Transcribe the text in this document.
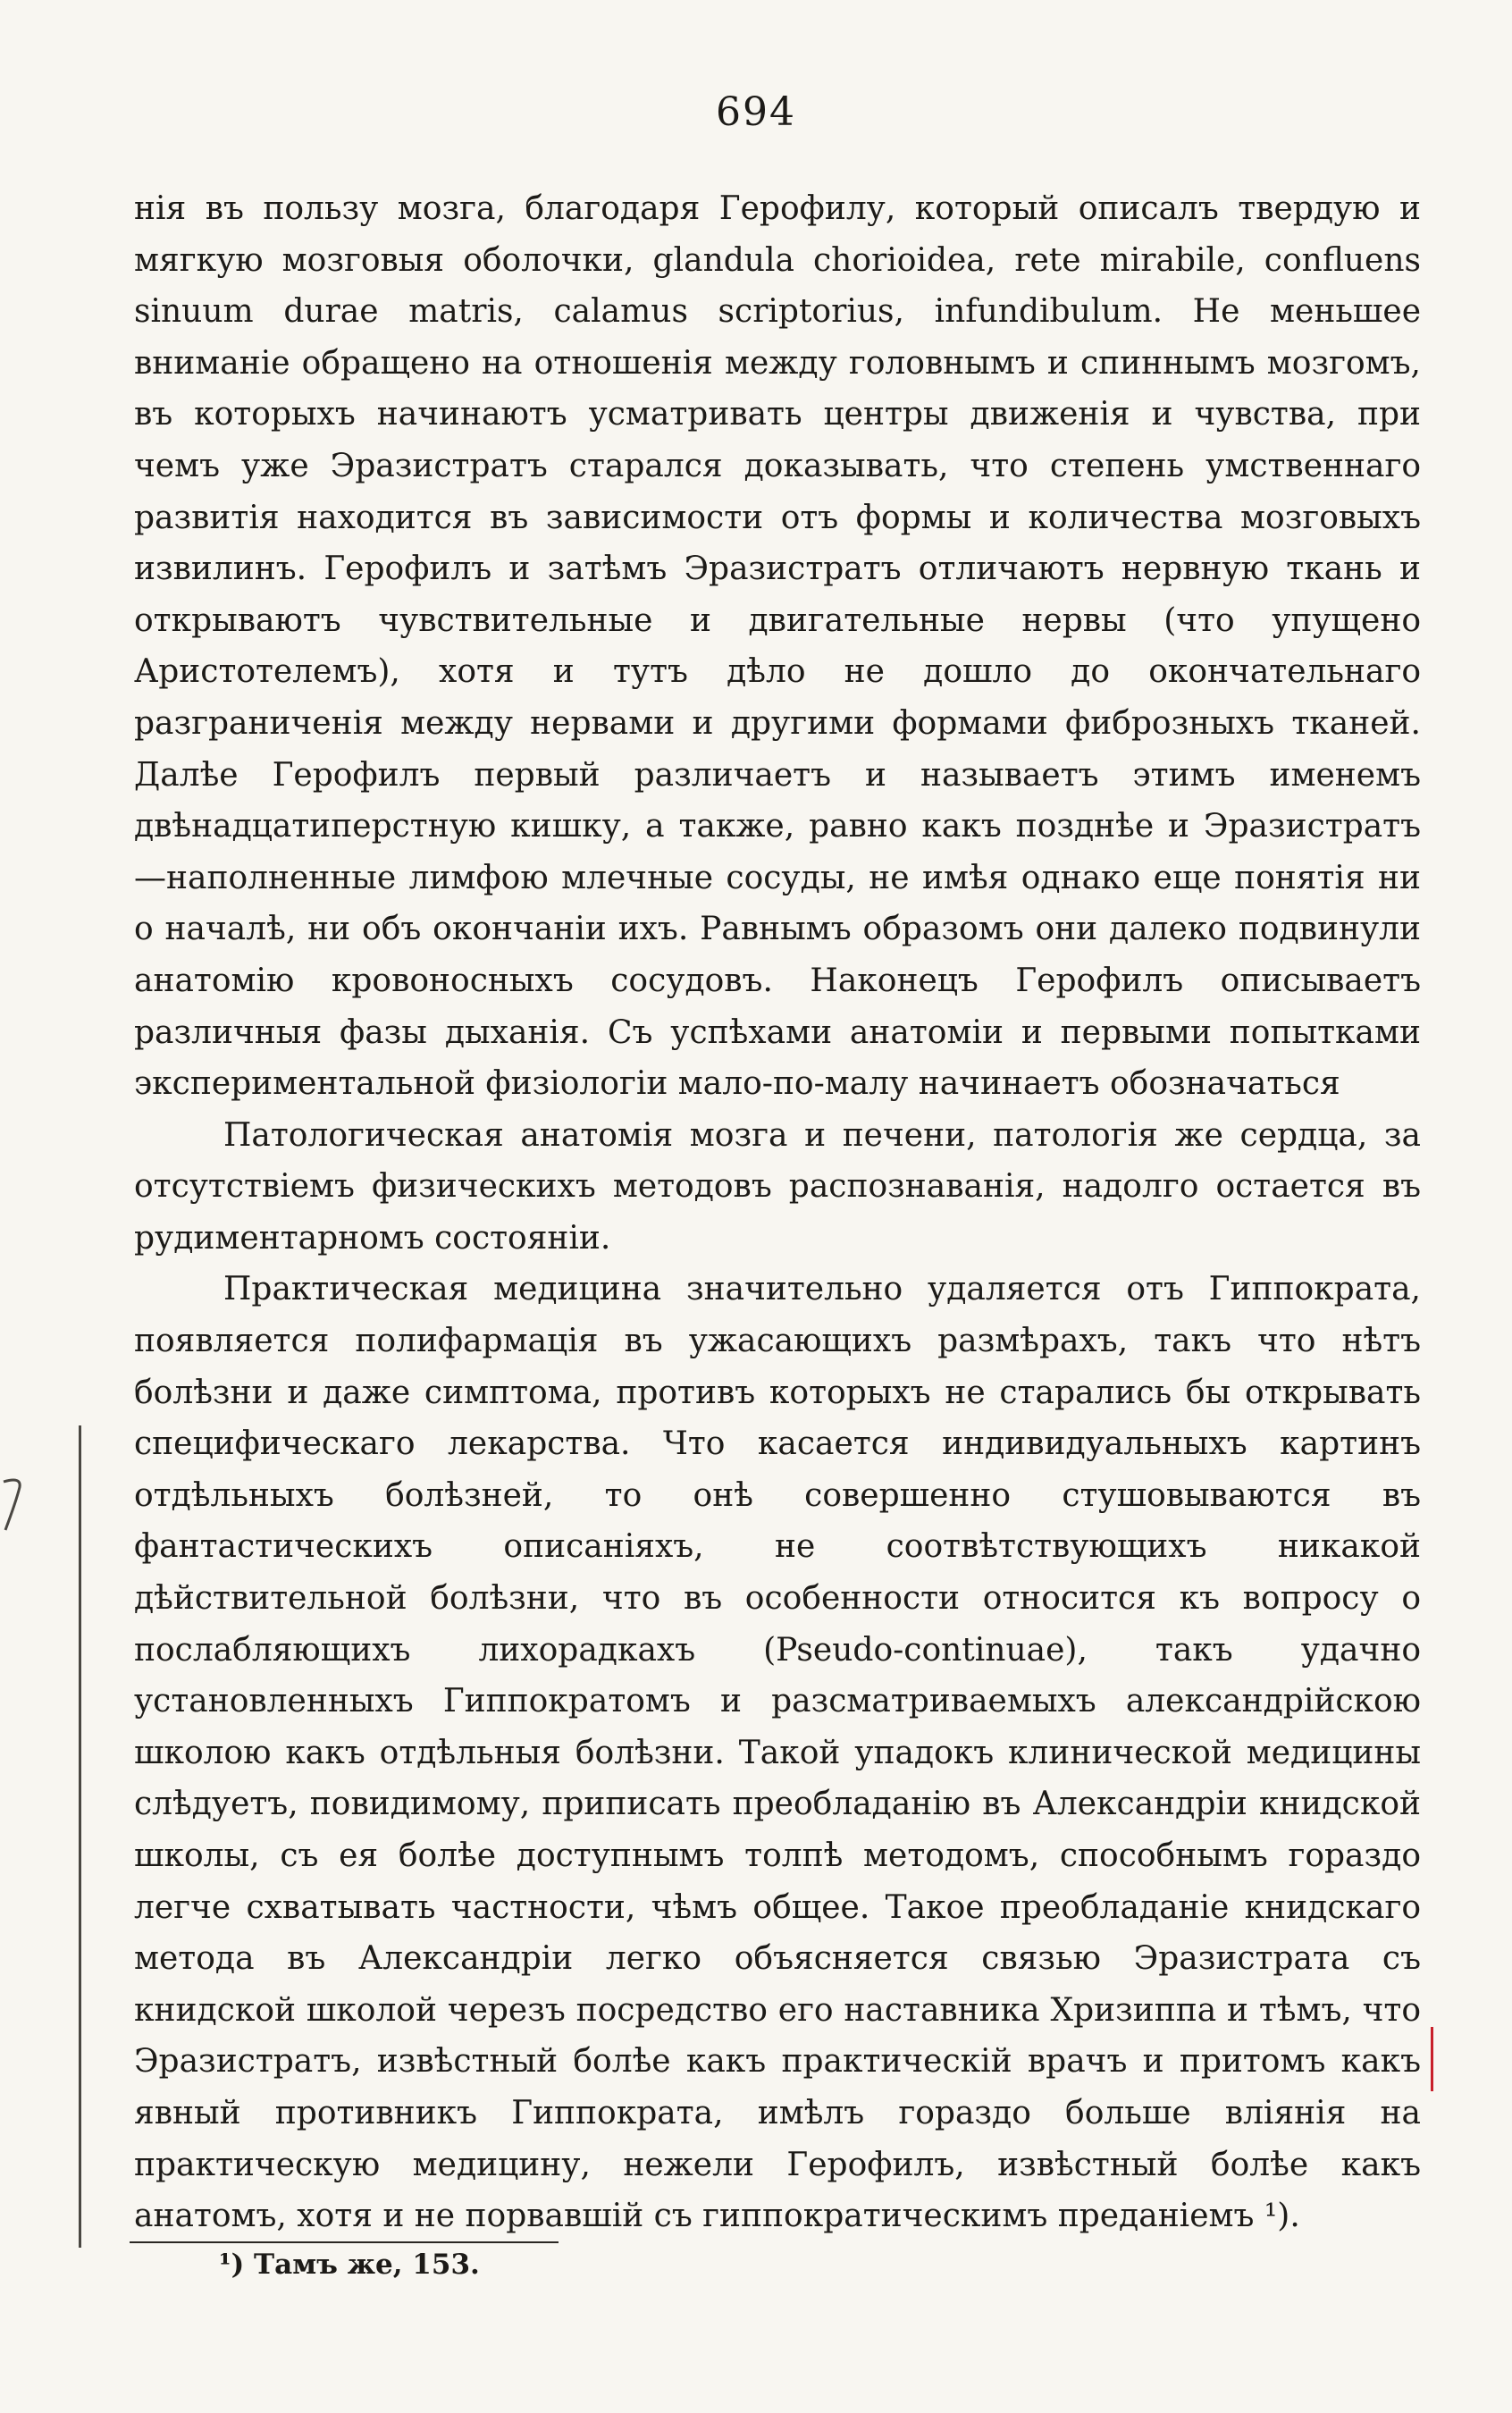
694

нія въ пользу мозга, благодаря Герофилу, который описалъ твердую и мягкую мозговыя оболочки, glandula chorioidea, rete mirabile, confluens sinuum durae matris, calamus scriptorius, infundibulum. Не меньшее вниманіе обращено на отношенія между головнымъ и спиннымъ мозгомъ, въ которыхъ начинаютъ усматривать центры движенія и чувства, при чемъ уже Эразистратъ старался доказывать, что степень умственнаго развитія находится въ зависимости отъ формы и количества мозговыхъ извилинъ. Герофилъ и затѣмъ Эразистратъ отличаютъ нервную ткань и открываютъ чувствительные и двигательные нервы (что упущено Аристотелемъ), хотя и тутъ дѣло не дошло до окончательнаго разграниченія между нервами и другими формами фиброзныхъ тканей. Далѣе Герофилъ первый различаетъ и называетъ этимъ именемъ двѣнадцатиперстную кишку, а также, равно какъ позднѣе и Эразистратъ—наполненные лимфою млечные сосуды, не имѣя однако еще понятія ни о началѣ, ни объ окончаніи ихъ. Равнымъ образомъ они далеко подвинули анатомію кровоносныхъ сосудовъ. Наконецъ Герофилъ описываетъ различныя фазы дыханія. Съ успѣхами анатоміи и первыми попытками экспериментальной физіологіи мало-по-малу начинаетъ обозначаться

Патологическая анатомія мозга и печени, патологія же сердца, за отсутствіемъ физическихъ методовъ распознаванія, надолго остается въ рудиментарномъ состояніи.

Практическая медицина значительно удаляется отъ Гиппократа, появляется полифармація въ ужасающихъ размѣрахъ, такъ что нѣтъ болѣзни и даже симптома, противъ которыхъ не старались бы открывать специфическаго лекарства. Что касается индивидуальныхъ картинъ отдѣльныхъ болѣзней, то онѣ совершенно стушовываются въ фантастическихъ описаніяхъ, не соотвѣтствующихъ никакой дѣйствительной болѣзни, что въ особенности относится къ вопросу о послабляющихъ лихорадкахъ (Pseudo-continuae), такъ удачно установленныхъ Гиппократомъ и разсматриваемыхъ александрійскою школою какъ отдѣльныя болѣзни. Такой упадокъ клинической медицины слѣдуетъ, повидимому, приписать преобладанію въ Александріи книдской школы, съ ея болѣе доступнымъ толпѣ методомъ, способнымъ гораздо легче схватывать частности, чѣмъ общее. Такое преобладаніе книдскаго метода въ Александріи легко объясняется связью Эразистрата съ книдской школой черезъ посредство его наставника Хризиппа и тѣмъ, что Эразистратъ, извѣстный болѣе какъ практическій врачъ и притомъ какъ явный противникъ Гиппократа, имѣлъ гораздо больше вліянія на практическую медицину, нежели Герофилъ, извѣстный болѣе какъ анатомъ, хотя и не порвавшій съ гиппократическимъ преданіемъ ¹).

¹) Тамъ же, 153.
